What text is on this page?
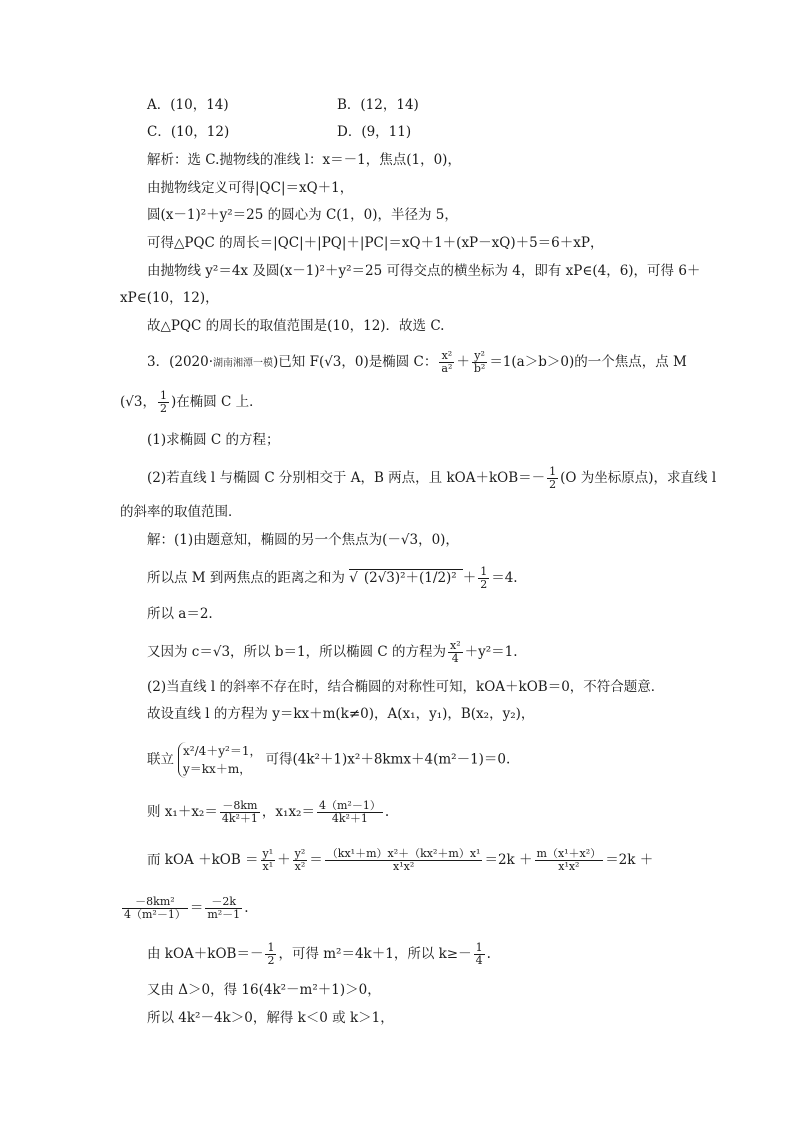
A．(10，14)	B．(12，14)
C．(10，12)	D．(9，11)
解析：选 C.抛物线的准线 l：x＝－1，焦点(1，0)，
由抛物线定义可得|QC|＝xQ＋1，
圆(x－1)²＋y²＝25 的圆心为 C(1，0)，半径为 5，
可得△PQC 的周长＝|QC|＋|PQ|＋|PC|＝xQ＋1＋(xP－xQ)＋5＝6＋xP，
由抛物线 y²＝4x 及圆(x－1)²＋y²＝25 可得交点的横坐标为 4，即有 xP∈(4，6)，可得 6＋
xP∈(10，12)，
故△PQC 的周长的取值范围是(10，12)．故选 C.
3．(2020·湖南湘潭一模)已知 F(√3，0)是椭圆 C： $\frac{\text{x²}}{\text{a²}} + \frac{\text{y²}}{\text{b²}} =1(a>b>0)$的一个焦点，点 M
(√3， $\frac{1}{2}$ )在椭圆 C 上．
(1)求椭圆 C 的方程；
(2)若直线 l 与椭圆 C 分别相交于 A，B 两点，且 $kOA+kOB=- \frac{1}{2} (O$ 为坐标原点)，求直线 l
的斜率的取值范围．
解：(1)由题意知，椭圆的另一个焦点为(－√3，0)，
所以点 M 到两焦点的距离之和为 √ $(2√3)^2+(1/2)^2 + \frac{1}{2} =4$.
所以 a＝2.
又因为 c＝√3，所以 b＝1，所以椭圆 C 的方程为 $\frac{\text{x²}}{4} +y^2=1$.
(2)当直线 l 的斜率不存在时，结合椭圆的对称性可知，kOA＋kOB＝0，不符合题意．
故设直线 l 的方程为 y＝kx＋m(k≠0)，A(x₁，y₁)，B(x₂，y₂)，
联立
x²/4＋y²＝1，
y＝kx＋m，
可得(4k²＋1)x²＋8kmx＋4(m²－1)＝0.
则 $x_1+x_2= \frac{-8km}{\text{4k²＋1}}$ ，$x_1x_2= \frac{\text{4（m²－1）}}{\text{4k²＋1}}$ .
而 kOA $+kOB = \frac{\text{y¹}}{\text{x¹}} + \frac{\text{y²}}{\text{x²}} = \frac{\text{（kx¹＋m）x²＋（kx²＋m）x¹}}{\text{x¹x²}} =2k + \frac{\text{m（x¹＋x²）}}{\text{x¹x²}} =2k$ ＋
$\frac{\text{－8km²}}{\text{4（m²－1）}} = \frac{-2k}{\text{m²－1}}$ .
由 $kOA+kOB=- \frac{1}{2}$ ，可得 m²＝4k＋1，所以 $k\ge- \frac{1}{4}$ .
又由 Δ＞0，得 16(4k²－m²＋1)＞0，
所以 4k²－4k＞0，解得 k＜0 或 k＞1，
